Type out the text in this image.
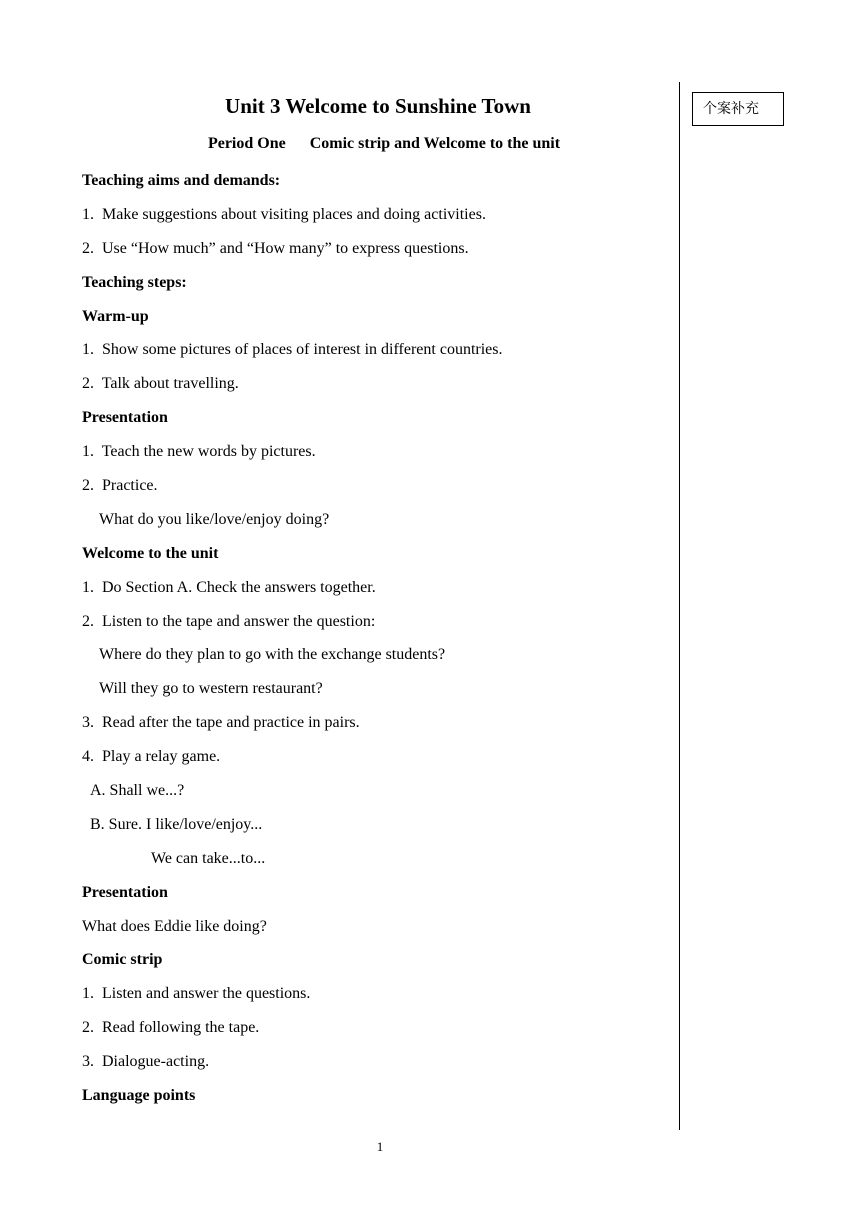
Unit 3 Welcome to Sunshine Town
Period One      Comic strip and Welcome to the unit
Teaching aims and demands:
1.  Make suggestions about visiting places and doing activities.
2.  Use “How much” and “How many” to express questions.
Teaching steps:
Warm-up
1.  Show some pictures of places of interest in different countries.
2.  Talk about travelling.
Presentation
1.  Teach the new words by pictures.
2.  Practice.
What do you like/love/enjoy doing?
Welcome to the unit
1.  Do Section A. Check the answers together.
2.  Listen to the tape and answer the question:
Where do they plan to go with the exchange students?
Will they go to western restaurant?
3.  Read after the tape and practice in pairs.
4.  Play a relay game.
A. Shall we...?
B. Sure. I like/love/enjoy...
We can take...to...
Presentation
What does Eddie like doing?
Comic strip
1.  Listen and answer the questions.
2.  Read following the tape.
3.  Dialogue-acting.
Language points
个案补充
1
